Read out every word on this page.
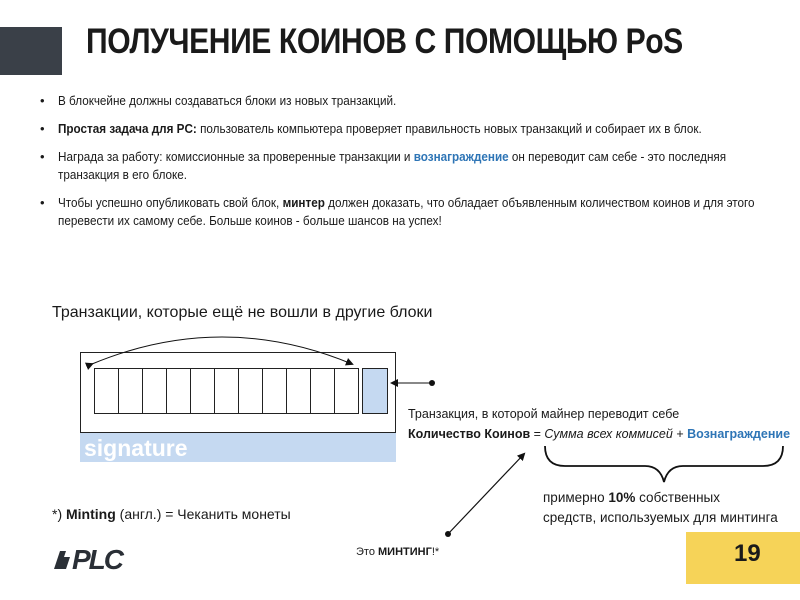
ПОЛУЧЕНИЕ КОИНОВ С ПОМОЩЬЮ PoS
• В блокчейне должны создаваться блоки из новых транзакций.
• Простая задача для PC: пользователь компьютера проверяет правильность новых транзакций и собирает их в блок.
• Награда за работу: комиссионные за проверенные транзакции и вознаграждение он переводит сам себе - это последняя транзакция в его блоке.
• Чтобы успешно опубликовать свой блок, минтер должен доказать, что обладает объявленным количеством коинов и для этого перевести их самому себе. Больше коинов - больше шансов на успех!
Транзакции, которые ещё не вошли в другие блоки
signature
Транзакция, в которой майнер переводит себе
Количество Коинов = Сумма всех коммисей + Вознаграждение
примерно 10% собственных
средств, используемых для минтинга
*) Minting (англ.) = Чеканить монеты
Это МИНТИНГ!*
PLC	19
